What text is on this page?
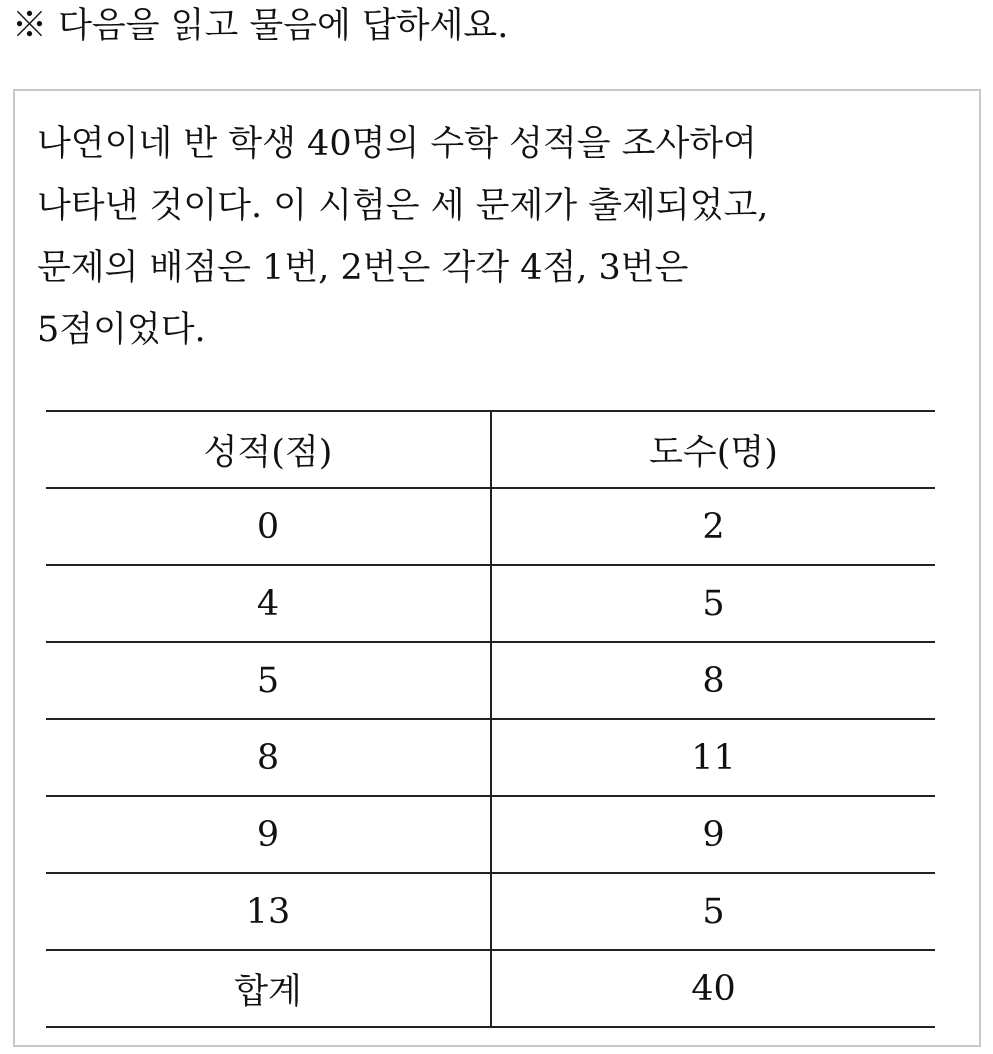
※ 다음을 읽고 물음에 답하세요.
나연이네 반 학생 40명의 수학 성적을 조사하여
나타낸 것이다. 이 시험은 세 문제가 출제되었고,
문제의 배점은 1번, 2번은 각각 4점, 3번은
5점이었다.
성적(점)	도수(명)
0	2
4	5
5	8
8	11
9	9
13	5
합계	40
